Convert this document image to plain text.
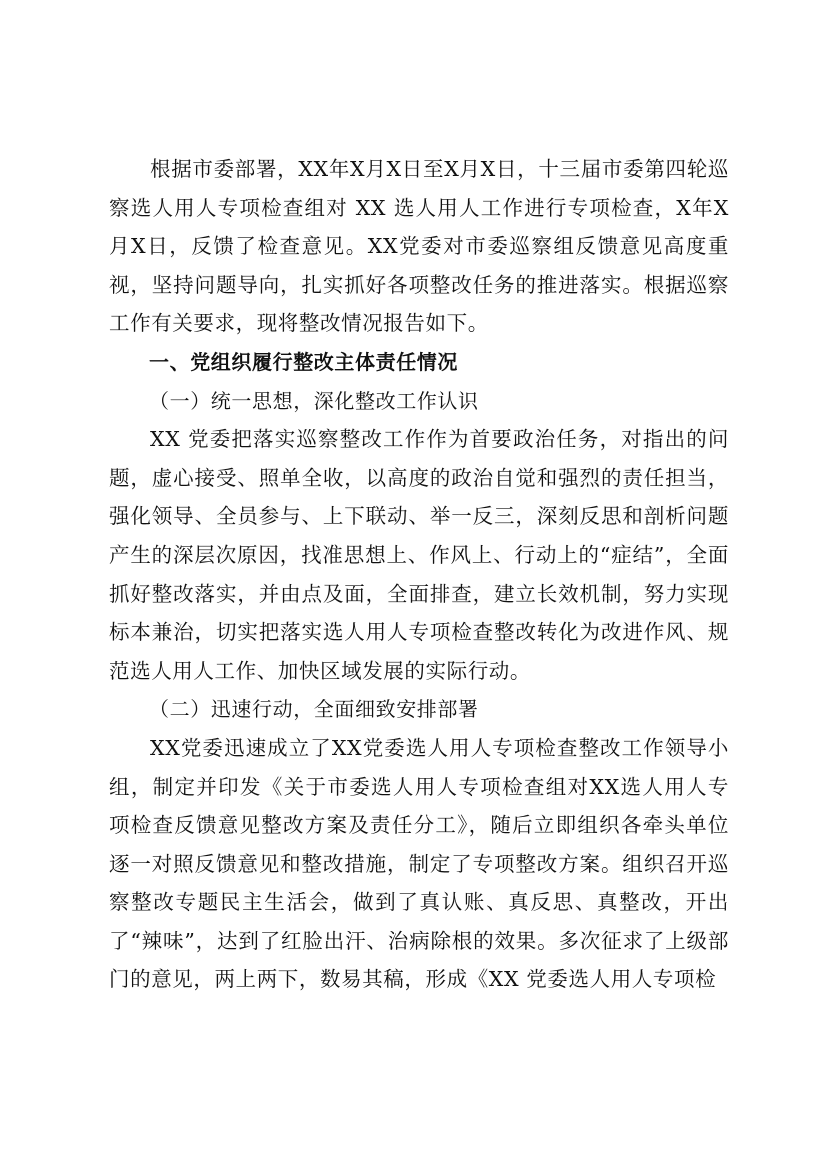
根据市委部署，XX年X月X日至X月X日，十三届市委第四轮巡察选人用人专项检查组对 XX 选人用人工作进行专项检查，X年X月X日，反馈了检查意见。XX党委对市委巡察组反馈意见高度重视，坚持问题导向，扎实抓好各项整改任务的推进落实。根据巡察工作有关要求，现将整改情况报告如下。

一、党组织履行整改主体责任情况

（一）统一思想，深化整改工作认识

XX 党委把落实巡察整改工作作为首要政治任务，对指出的问题，虚心接受、照单全收，以高度的政治自觉和强烈的责任担当，强化领导、全员参与、上下联动、举一反三，深刻反思和剖析问题产生的深层次原因，找准思想上、作风上、行动上的“症结”，全面抓好整改落实，并由点及面，全面排查，建立长效机制，努力实现标本兼治，切实把落实选人用人专项检查整改转化为改进作风、规范选人用人工作、加快区域发展的实际行动。

（二）迅速行动，全面细致安排部署

XX党委迅速成立了XX党委选人用人专项检查整改工作领导小组，制定并印发《关于市委选人用人专项检查组对XX选人用人专项检查反馈意见整改方案及责任分工》，随后立即组织各牵头单位逐一对照反馈意见和整改措施，制定了专项整改方案。组织召开巡察整改专题民主生活会，做到了真认账、真反思、真整改，开出了“辣味”，达到了红脸出汗、治病除根的效果。多次征求了上级部门的意见，两上两下，数易其稿，形成《XX 党委选人用人专项检
